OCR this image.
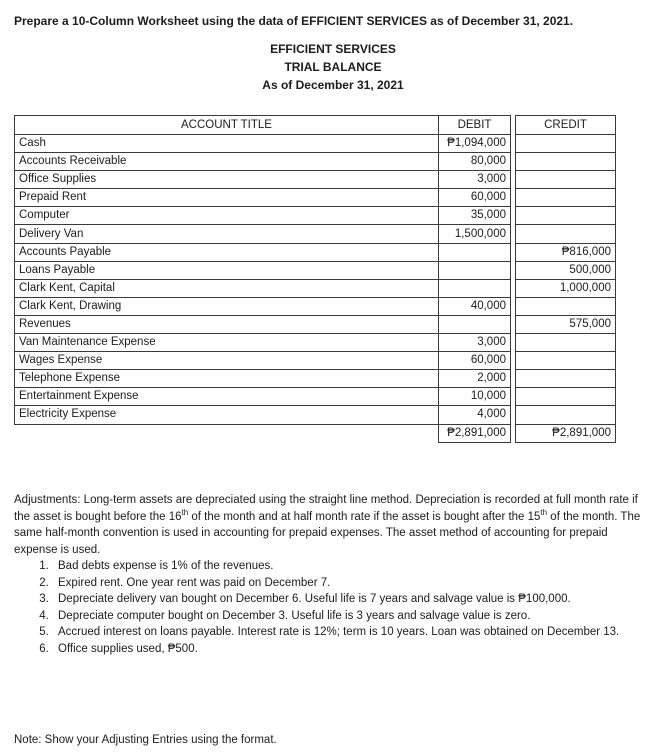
Prepare a 10-Column Worksheet using the data of EFFICIENT SERVICES as of December 31, 2021.
EFFICIENT SERVICES
TRIAL BALANCE
As of December 31, 2021
ACCOUNT TITLE	DEBIT		CREDIT
Cash	₱1,094,000		
Accounts Receivable	80,000		
Office Supplies	3,000		
Prepaid Rent	60,000		
Computer	35,000		
Delivery Van	1,500,000		
Accounts Payable			₱816,000
Loans Payable			500,000
Clark Kent, Capital			1,000,000
Clark Kent, Drawing	40,000		
Revenues			575,000
Van Maintenance Expense	3,000		
Wages Expense	60,000		
Telephone Expense	2,000		
Entertainment Expense	10,000		
Electricity Expense	4,000		
	₱2,891,000		₱2,891,000

Adjustments: Long-term assets are depreciated using the straight line method. Depreciation is recorded at full month rate if the asset is bought before the 16th of the month and at half month rate if the asset is bought after the 15th of the month. The same half-month convention is used in accounting for prepaid expenses. The asset method of accounting for prepaid expense is used.

1. Bad debts expense is 1% of the revenues.
2. Expired rent. One year rent was paid on December 7.
3. Depreciate delivery van bought on December 6. Useful life is 7 years and salvage value is ₱100,000.
4. Depreciate computer bought on December 3. Useful life is 3 years and salvage value is zero.
5. Accrued interest on loans payable. Interest rate is 12%; term is 10 years. Loan was obtained on December 13.
6. Office supplies used, ₱500.
Note: Show your Adjusting Entries using the format.
